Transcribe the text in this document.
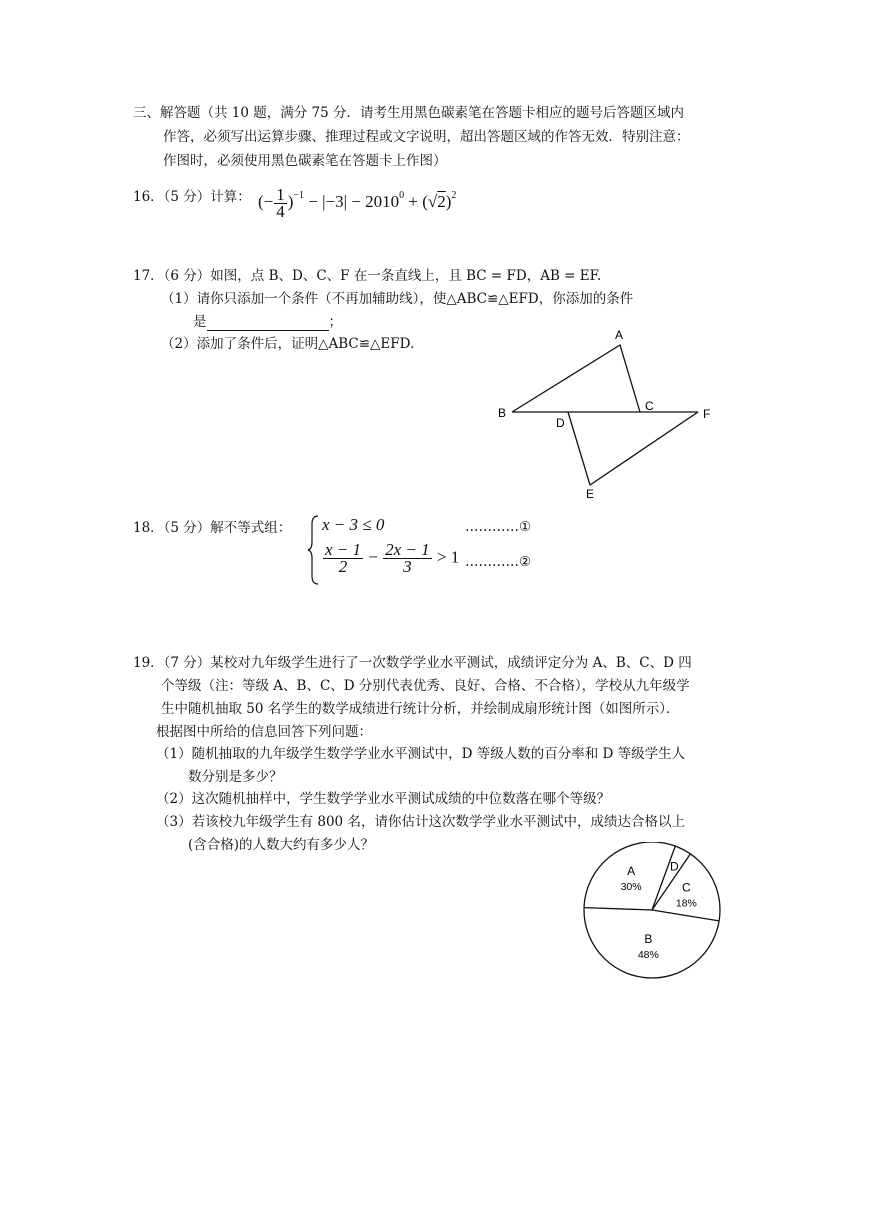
三、解答题（共 10 题，满分 75 分．请考生用黑色碳素笔在答题卡相应的题号后答题区域内
作答，必须写出运算步骤、推理过程或文字说明，超出答题区域的作答无效．特别注意：
作图时，必须使用黑色碳素笔在答题卡上作图）
16．（5 分）计算： (− $\frac{1}{4} )^{-1} - |-3| - 2010^0 + (√2)^2$
17．（6 分）如图，点 B、D、C、F 在一条直线上，且 BC = FD，AB = EF.
（1）请你只添加一个条件（不再加辅助线），使△ABC≌△EFD，你添加的条件
是	；
（2）添加了条件后，证明△ABC≌△EFD.
A
B	C
D
E
F
18．（5 分）解不等式组： x − 3 ≤ 0
$\frac{x - 1}{2} - \frac{2x - 1}{3} > 1$
…………①
…………②
19．（7 分）某校对九年级学生进行了一次数学学业水平测试，成绩评定分为 A、B、C、D 四
个等级（注：等级 A、B、C、D 分别代表优秀、良好、合格、不合格），学校从九年级学
生中随机抽取 50 名学生的数学成绩进行统计分析，并绘制成扇形统计图（如图所示）．
根据图中所给的信息回答下列问题：
（1）随机抽取的九年级学生数学学业水平测试中，D 等级人数的百分率和 D 等级学生人
数分别是多少？
（2）这次随机抽样中，学生数学学业水平测试成绩的中位数落在哪个等级？
（3）若该校九年级学生有 800 名，请你估计这次数学学业水平测试中，成绩达合格以上
(含合格)的人数大约有多少人？
D
C
18%
B
48%
A
30%
